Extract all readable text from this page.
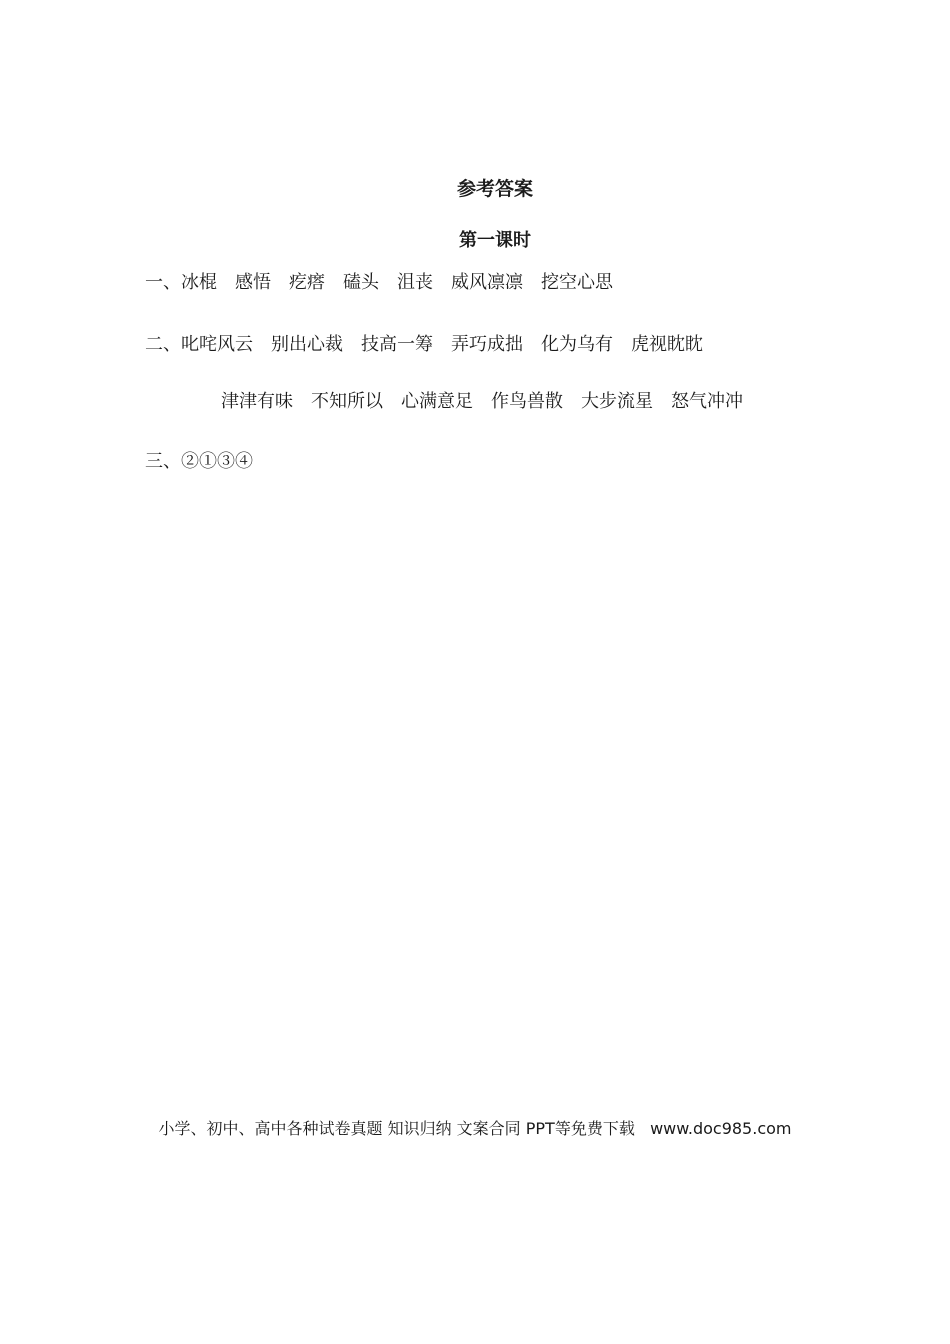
参考答案
第一课时
一、冰棍　感悟　疙瘩　磕头　沮丧　威风凛凛　挖空心思
二、叱咤风云　别出心裁　技高一筹　弄巧成拙　化为乌有　虎视眈眈
津津有味　不知所以　心满意足　作鸟兽散　大步流星　怒气冲冲
三、②①③④
小学、初中、高中各种试卷真题 知识归纳 文案合同 PPT等免费下载   www.doc985.com
